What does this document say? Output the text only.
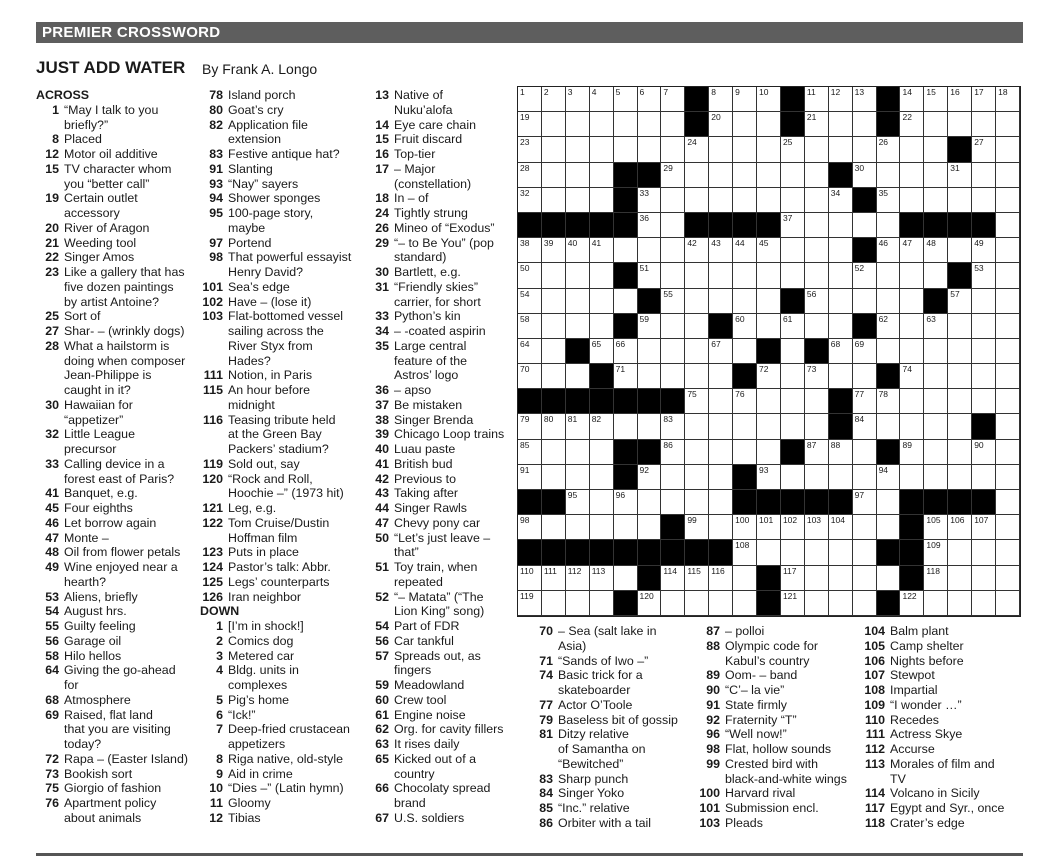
PREMIER CROSSWORD
JUST ADD WATER By Frank A. Longo
ACROSS
1 “May I talk to you
briefly?”
8 Placed
12 Motor oil additive
15 TV character whom
you “better call”
19 Certain outlet
accessory
20 River of Aragon
21 Weeding tool
22 Singer Amos
23 Like a gallery that has
five dozen paintings
by artist Antoine?
25 Sort of
27 Shar- – (wrinkly dogs)
28 What a hailstorm is
doing when composer
Jean-Philippe is
caught in it?
30 Hawaiian for
“appetizer”
32 Little League
precursor
33 Calling device in a
forest east of Paris?
41 Banquet, e.g.
45 Four eighths
46 Let borrow again
47 Monte –
48 Oil from flower petals
49 Wine enjoyed near a
hearth?
53 Aliens, briefly
54 August hrs.
55 Guilty feeling
56 Garage oil
58 Hilo hellos
64 Giving the go-ahead
for
68 Atmosphere
69 Raised, flat land
that you are visiting
today?
72 Rapa – (Easter Island)
73 Bookish sort
75 Giorgio of fashion
76 Apartment policy
about animals
78 Island porch
80 Goat’s cry
82 Application file
extension
83 Festive antique hat?
91 Slanting
93 “Nay” sayers
94 Shower sponges
95 100-page story,
maybe
97 Portend
98 That powerful essayist
Henry David?
101 Sea’s edge
102 Have – (lose it)
103 Flat-bottomed vessel
sailing across the
River Styx from
Hades?
111 Notion, in Paris
115 An hour before
midnight
116 Teasing tribute held
at the Green Bay
Packers’ stadium?
119 Sold out, say
120 “Rock and Roll,
Hoochie –” (1973 hit)
121 Leg, e.g.
122 Tom Cruise/Dustin
Hoffman film
123 Puts in place
124 Pastor’s talk: Abbr.
125 Legs’ counterparts
126 Iran neighbor
DOWN
1 [I’m in shock!]
2 Comics dog
3 Metered car
4 Bldg. units in
complexes
5 Pig’s home
6 “Ick!”
7 Deep-fried crustacean
appetizers
8 Riga native, old-style
9 Aid in crime
10 “Dies –” (Latin hymn)
11 Gloomy
12 Tibias
13 Native of
Nuku’alofa
14 Eye care chain
15 Fruit discard
16 Top-tier
17 – Major
(constellation)
18 In – of
24 Tightly strung
26 Mineo of “Exodus”
29 “– to Be You” (pop
standard)
30 Bartlett, e.g.
31 “Friendly skies”
carrier, for short
33 Python’s kin
34 – -coated aspirin
35 Large central
feature of the
Astros’ logo
36 – apso
37 Be mistaken
38 Singer Brenda
39 Chicago Loop trains
40 Luau paste
41 British bud
42 Previous to
43 Taking after
44 Singer Rawls
47 Chevy pony car
50 “Let’s just leave –
that”
51 Toy train, when
repeated
52 “– Matata” (“The
Lion King” song)
54 Part of FDR
56 Car tankful
57 Spreads out, as
fingers
59 Meadowland
60 Crew tool
61 Engine noise
62 Org. for cavity fillers
63 It rises daily
65 Kicked out of a
country
66 Chocolaty spread
brand
67 U.S. soldiers
70 – Sea (salt lake in
Asia)
71 “Sands of Iwo –”
74 Basic trick for a
skateboarder
77 Actor O’Toole
79 Baseless bit of gossip
81 Ditzy relative
of Samantha on
“Bewitched”
83 Sharp punch
84 Singer Yoko
85 “Inc.” relative
86 Orbiter with a tail
87 – polloi
88 Olympic code for
Kabul’s country
89 Oom- – band
90 “C’– la vie”
91 State firmly
92 Fraternity “T”
96 “Well now!”
98 Flat, hollow sounds
99 Crested bird with
black-and-white wings
100 Harvard rival
101 Submission encl.
103 Pleads
104 Balm plant
105 Camp shelter
106 Nights before
107 Stewpot
108 Impartial
109 “I wonder …”
110 Recedes
111 Actress Skye
112 Accurse
113 Morales of film and
TV
114 Volcano in Sicily
117 Egypt and Syr., once
118 Crater’s edge
1 2 3 4 5 6 7	8 9 10	11 12 13	14 15 16 17 18
19	20	21	22
23	24	25	26	27
28	29	30	31
32	33	34	35
36	37
38 39 40 41	42 43 44 45	46 47 48	49
50	51	52	53
54	55	56	57
58	59	60	61	62	63
64	65 66	67	68 69
70	71	72	73	74
75	76	77 78
79 80 81 82	83	84
85	86	87 88	89	90
91	92	93	94
95	96	97
98	99	100 101 102 103 104	105 106 107
108	109
110 111 112 113	114 115 116	117	118
119	120	121	122
